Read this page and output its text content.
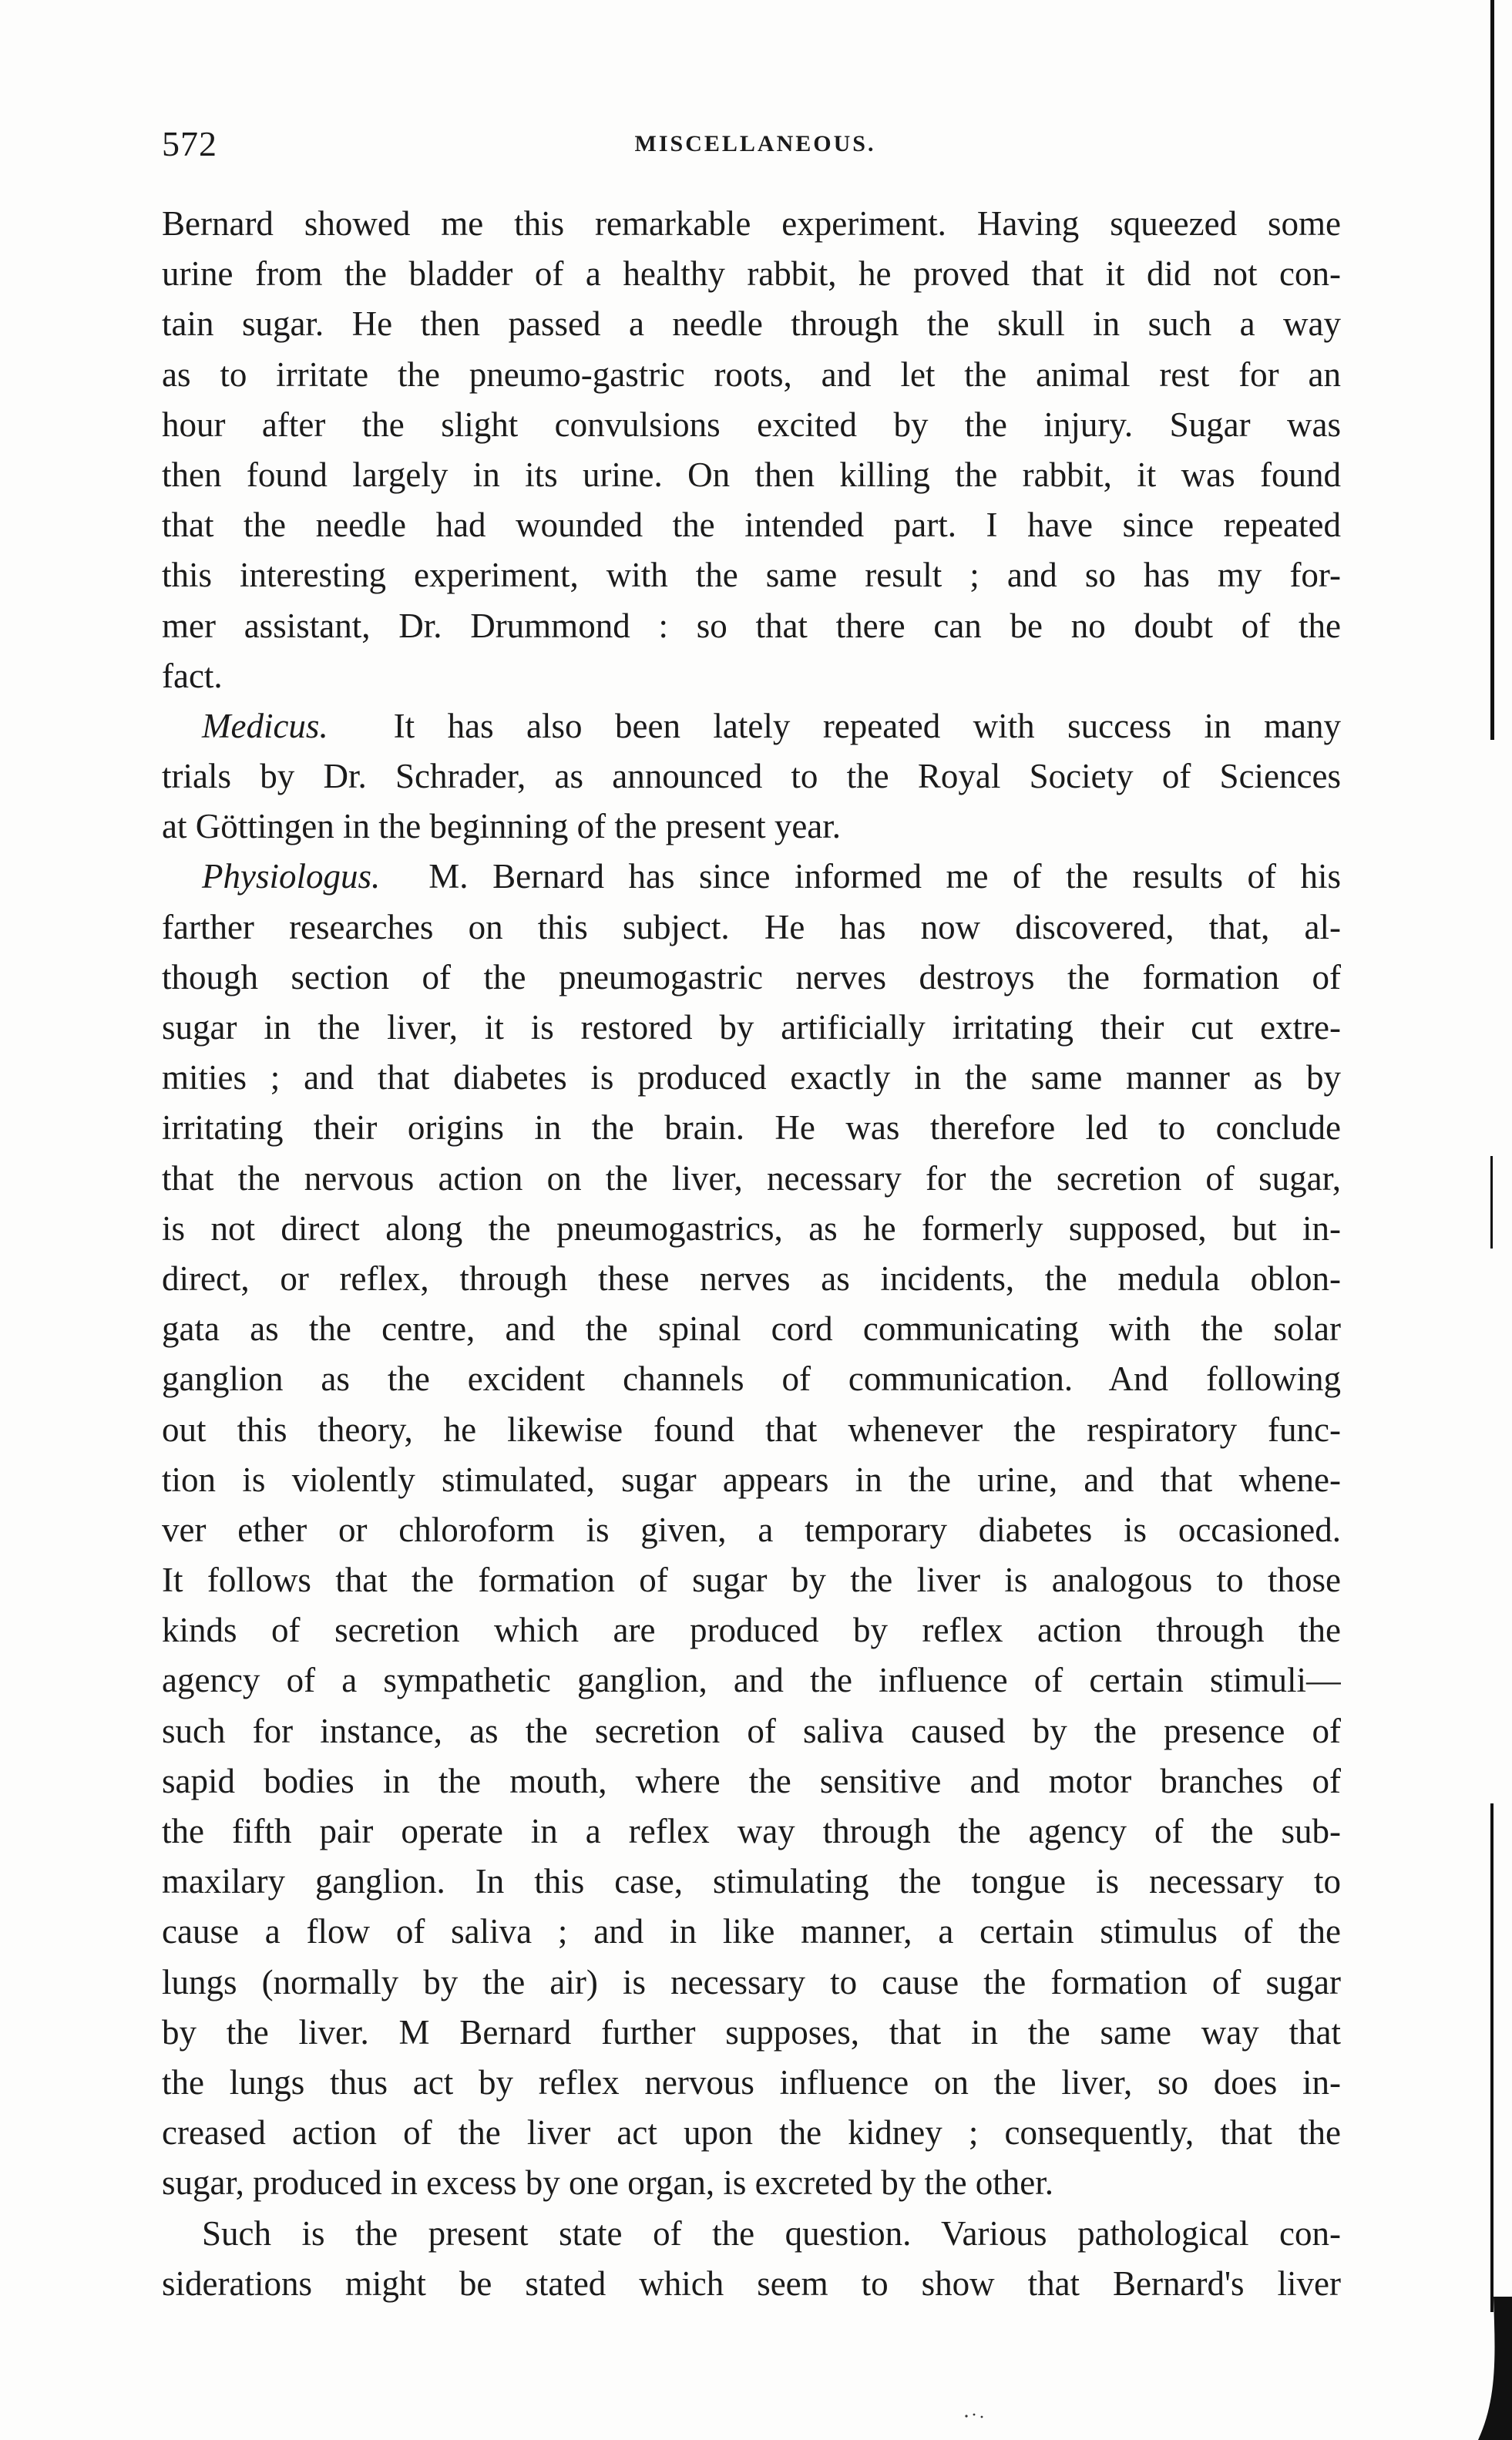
572	MISCELLANEOUS.
Bernard showed me this remarkable experiment. Having squeezed some
urine from the bladder of a healthy rabbit, he proved that it did not con-
tain sugar. He then passed a needle through the skull in such a way
as to irritate the pneumo-gastric roots, and let the animal rest for an
hour after the slight convulsions excited by the injury. Sugar was
then found largely in its urine. On then killing the rabbit, it was found
that the needle had wounded the intended part. I have since repeated
this interesting experiment, with the same result ; and so has my for-
mer assistant, Dr. Drummond : so that there can be no doubt of the
fact.
Medicus. It has also been lately repeated with success in many
trials by Dr. Schrader, as announced to the Royal Society of Sciences
at Göttingen in the beginning of the present year.
Physiologus. M. Bernard has since informed me of the results of his
farther researches on this subject. He has now discovered, that, al-
though section of the pneumogastric nerves destroys the formation of
sugar in the liver, it is restored by artificially irritating their cut extre-
mities ; and that diabetes is produced exactly in the same manner as by
irritating their origins in the brain. He was therefore led to conclude
that the nervous action on the liver, necessary for the secretion of sugar,
is not direct along the pneumogastrics, as he formerly supposed, but in-
direct, or reflex, through these nerves as incidents, the medula oblon-
gata as the centre, and the spinal cord communicating with the solar
ganglion as the excident channels of communication. And following
out this theory, he likewise found that whenever the respiratory func-
tion is violently stimulated, sugar appears in the urine, and that whene-
ver ether or chloroform is given, a temporary diabetes is occasioned.
It follows that the formation of sugar by the liver is analogous to those
kinds of secretion which are produced by reflex action through the
agency of a sympathetic ganglion, and the influence of certain stimuli—
such for instance, as the secretion of saliva caused by the presence of
sapid bodies in the mouth, where the sensitive and motor branches of
the fifth pair operate in a reflex way through the agency of the sub-
maxilary ganglion. In this case, stimulating the tongue is necessary to
cause a flow of saliva ; and in like manner, a certain stimulus of the
lungs (normally by the air) is necessary to cause the formation of sugar
by the liver. M Bernard further supposes, that in the same way that
the lungs thus act by reflex nervous influence on the liver, so does in-
creased action of the liver act upon the kidney ; consequently, that the
sugar, produced in excess by one organ, is excreted by the other.
Such is the present state of the question. Various pathological con-
siderations might be stated which seem to show that Bernard's liver
